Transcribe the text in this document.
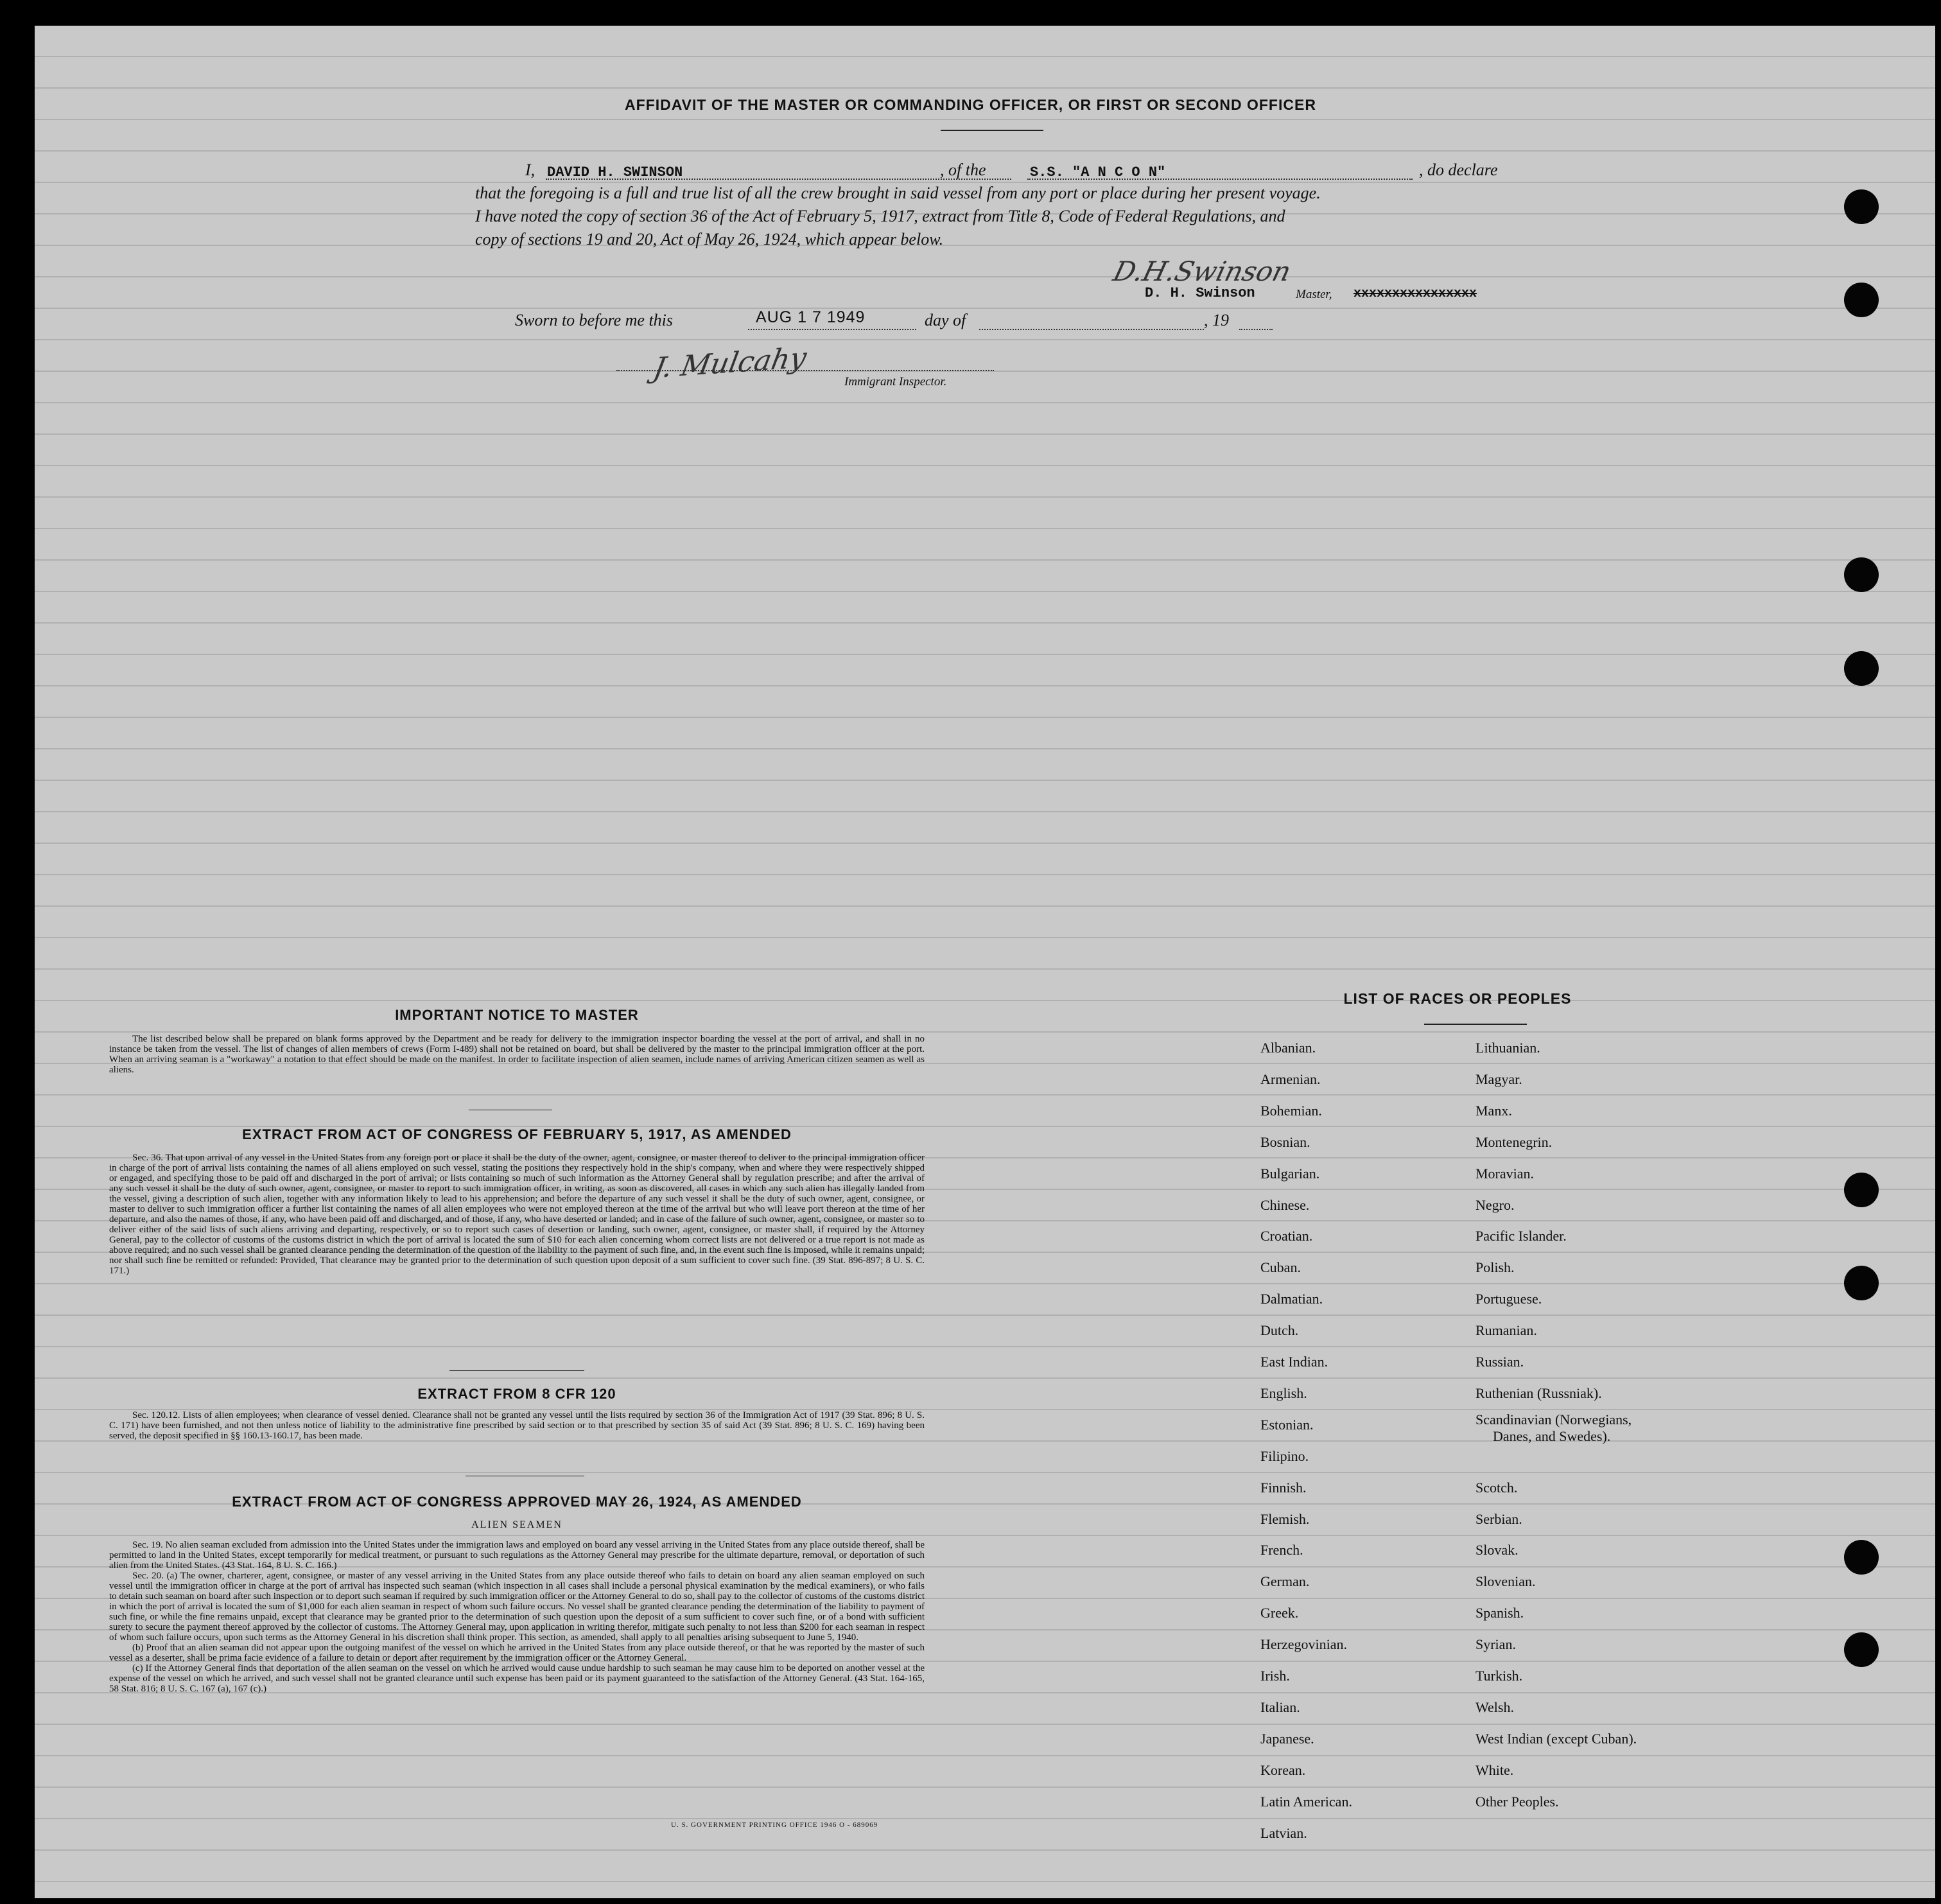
AFFIDAVIT OF THE MASTER OR COMMANDING OFFICER, OR FIRST OR SECOND OFFICER
I, DAVID H. SWINSON	, of the	S.S. "A N C O N"	, do declare
that the foregoing is a full and true list of all the crew brought in said vessel from any port or place during her present voyage.
I have noted the copy of section 36 of the Act of February 5, 1917, extract from Title 8, Code of Federal Regulations, and
copy of sections 19 and 20, Act of May 26, 1924, which appear below.
D.H.Swinson
D. H. Swinson	Master, xxxxxxxxxxxxxxxx
Sworn to before me this	AUG 1 7 1949	day of	, 19
J. Mulcahy	Immigrant Inspector.
IMPORTANT NOTICE TO MASTER

The list described below shall be prepared on blank forms approved by the Department and be ready for delivery to the immigration inspector boarding the vessel at the port of arrival, and shall in no instance be taken from the vessel. The list of changes of alien members of crews (Form I-489) shall not be retained on board, but shall be delivered by the master to the principal immigration officer at the port. When an arriving seaman is a "workaway" a notation to that effect should be made on the manifest. In order to facilitate inspection of alien seamen, include names of arriving American citizen seamen as well as aliens.

EXTRACT FROM ACT OF CONGRESS OF FEBRUARY 5, 1917, AS AMENDED

Sec. 36. That upon arrival of any vessel in the United States from any foreign port or place it shall be the duty of the owner, agent, consignee, or master thereof to deliver to the principal immigration officer in charge of the port of arrival lists containing the names of all aliens employed on such vessel, stating the positions they respectively hold in the ship's company, when and where they were respectively shipped or engaged, and specifying those to be paid off and discharged in the port of arrival; or lists containing so much of such information as the Attorney General shall by regulation prescribe; and after the arrival of any such vessel it shall be the duty of such owner, agent, consignee, or master to report to such immigration officer, in writing, as soon as discovered, all cases in which any such alien has illegally landed from the vessel, giving a description of such alien, together with any information likely to lead to his apprehension; and before the departure of any such vessel it shall be the duty of such owner, agent, consignee, or master to deliver to such immigration officer a further list containing the names of all alien employees who were not employed thereon at the time of the arrival but who will leave port thereon at the time of her departure, and also the names of those, if any, who have been paid off and discharged, and of those, if any, who have deserted or landed; and in case of the failure of such owner, agent, consignee, or master so to deliver either of the said lists of such aliens arriving and departing, respectively, or so to report such cases of desertion or landing, such owner, agent, consignee, or master shall, if required by the Attorney General, pay to the collector of customs of the customs district in which the port of arrival is located the sum of $10 for each alien concerning whom correct lists are not delivered or a true report is not made as above required; and no such vessel shall be granted clearance pending the determination of the question of the liability to the payment of such fine, and, in the event such fine is imposed, while it remains unpaid; nor shall such fine be remitted or refunded: Provided, That clearance may be granted prior to the determination of such question upon deposit of a sum sufficient to cover such fine. (39 Stat. 896-897; 8 U. S. C. 171.)

EXTRACT FROM 8 CFR 120

Sec. 120.12. Lists of alien employees; when clearance of vessel denied. Clearance shall not be granted any vessel until the lists required by section 36 of the Immigration Act of 1917 (39 Stat. 896; 8 U. S. C. 171) have been furnished, and not then unless notice of liability to the administrative fine prescribed by said section or to that prescribed by section 35 of said Act (39 Stat. 896; 8 U. S. C. 169) having been served, the deposit specified in §§ 160.13-160.17, has been made.

EXTRACT FROM ACT OF CONGRESS APPROVED MAY 26, 1924, AS AMENDED
ALIEN SEAMEN

Sec. 19. No alien seaman excluded from admission into the United States under the immigration laws and employed on board any vessel arriving in the United States from any place outside thereof, shall be permitted to land in the United States, except temporarily for medical treatment, or pursuant to such regulations as the Attorney General may prescribe for the ultimate departure, removal, or deportation of such alien from the United States. (43 Stat. 164, 8 U. S. C. 166.)

Sec. 20. (a) The owner, charterer, agent, consignee, or master of any vessel arriving in the United States from any place outside thereof who fails to detain on board any alien seaman employed on such vessel until the immigration officer in charge at the port of arrival has inspected such seaman (which inspection in all cases shall include a personal physical examination by the medical examiners), or who fails to detain such seaman on board after such inspection or to deport such seaman if required by such immigration officer or the Attorney General to do so, shall pay to the collector of customs of the customs district in which the port of arrival is located the sum of $1,000 for each alien seaman in respect of whom such failure occurs. No vessel shall be granted clearance pending the determination of the liability to payment of such fine, or while the fine remains unpaid, except that clearance may be granted prior to the determination of such question upon the deposit of a sum sufficient to cover such fine, or of a bond with sufficient surety to secure the payment thereof approved by the collector of customs. The Attorney General may, upon application in writing therefor, mitigate such penalty to not less than $200 for each seaman in respect of whom such failure occurs, upon such terms as the Attorney General in his discretion shall think proper. This section, as amended, shall apply to all penalties arising subsequent to June 5, 1940.

(b) Proof that an alien seaman did not appear upon the outgoing manifest of the vessel on which he arrived in the United States from any place outside thereof, or that he was reported by the master of such vessel as a deserter, shall be prima facie evidence of a failure to detain or deport after requirement by the immigration officer or the Attorney General.

(c) If the Attorney General finds that deportation of the alien seaman on the vessel on which he arrived would cause undue hardship to such seaman he may cause him to be deported on another vessel at the expense of the vessel on which he arrived, and such vessel shall not be granted clearance until such expense has been paid or its payment guaranteed to the satisfaction of the Attorney General. (43 Stat. 164-165, 58 Stat. 816; 8 U. S. C. 167 (a), 167 (c).)

U. S. GOVERNMENT PRINTING OFFICE 1946 O - 689069
LIST OF RACES OR PEOPLES
Albanian.
Armenian.
Bohemian.
Bosnian.
Bulgarian.
Chinese.
Croatian.
Cuban.
Dalmatian.
Dutch.
East Indian.
English.
Estonian.
Filipino.
Finnish.
Flemish.
French.
German.
Greek.
Herzegovinian.
Irish.
Italian.
Japanese.
Korean.
Latin American.
Latvian.
Lithuanian.
Magyar.
Manx.
Montenegrin.
Moravian.
Negro.
Pacific Islander.
Polish.
Portuguese.
Rumanian.
Russian.
Ruthenian (Russniak).
Scandinavian (Norwegians,
Danes, and Swedes).
Scotch.
Serbian.
Slovak.
Slovenian.
Spanish.
Syrian.
Turkish.
Welsh.
West Indian (except Cuban).
White.
Other Peoples.
